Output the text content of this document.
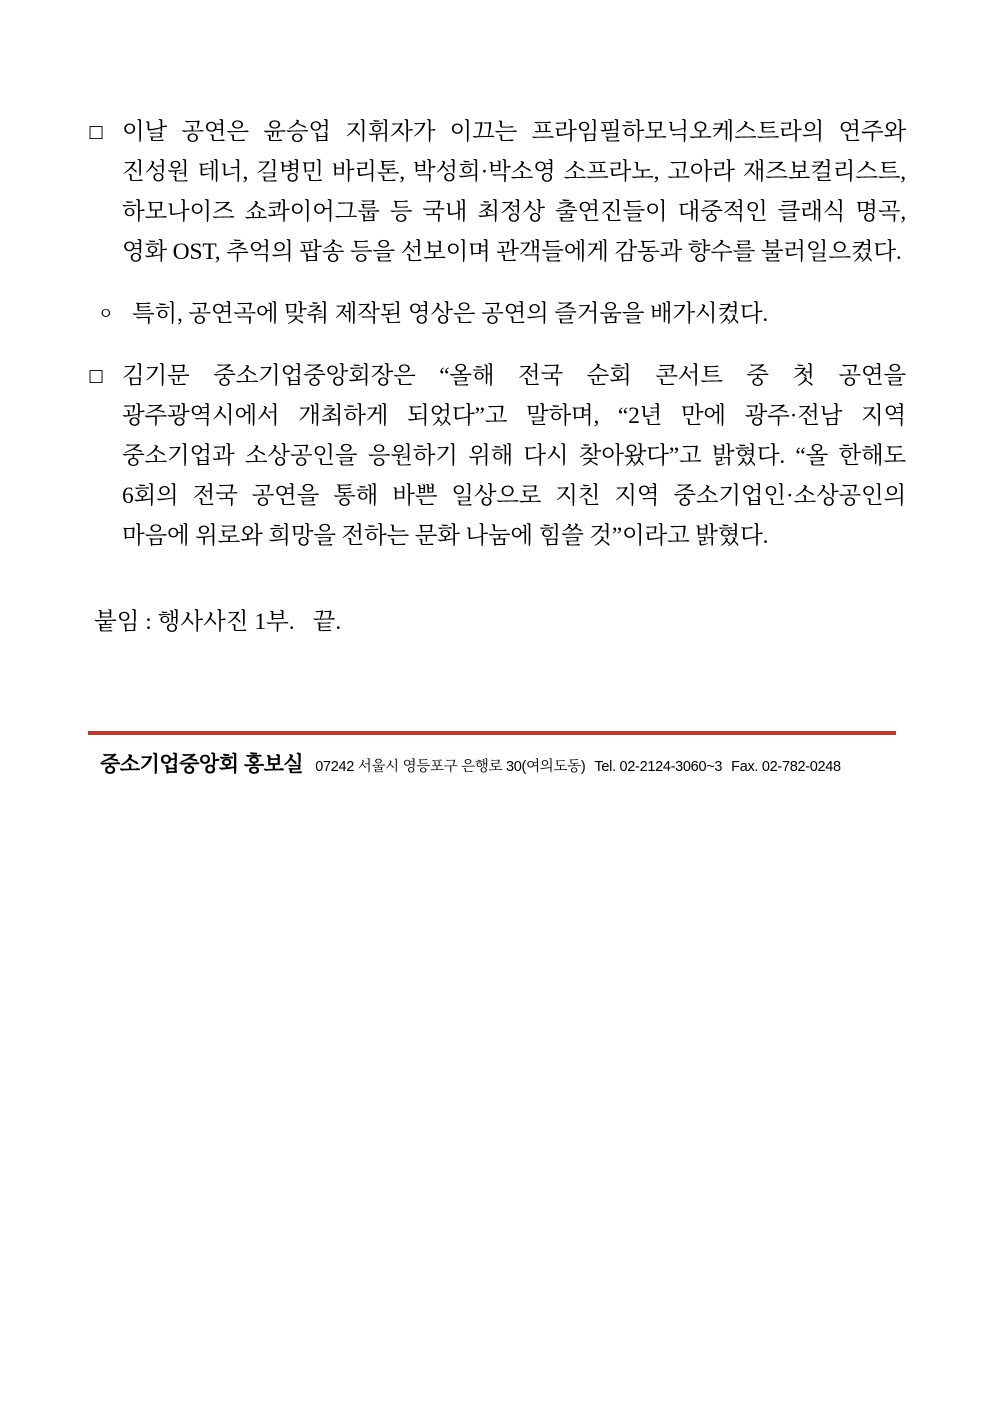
□ 이날 공연은 윤승업 지휘자가 이끄는 프라임필하모닉오케스트라의 연주와 진성원 테너, 길병민 바리톤, 박성희·박소영 소프라노, 고아라 재즈보컬리스트, 하모나이즈 쇼콰이어그룹 등 국내 최정상 출연진들이 대중적인 클래식 명곡, 영화 OST, 추억의 팝송 등을 선보이며 관객들에게 감동과 향수를 불러일으켰다.
ㅇ 특히, 공연곡에 맞춰 제작된 영상은 공연의 즐거움을 배가시켰다.
□ 김기문 중소기업중앙회장은 “올해 전국 순회 콘서트 중 첫 공연을 광주광역시에서 개최하게 되었다”고 말하며, “2년 만에 광주·전남 지역 중소기업과 소상공인을 응원하기 위해 다시 찾아왔다”고 밝혔다. “올 한해도 6회의 전국 공연을 통해 바쁜 일상으로 지친 지역 중소기업인·소상공인의 마음에 위로와 희망을 전하는 문화 나눔에 힘쓸 것”이라고 밝혔다.
붙임 : 행사사진 1부. 끝.
중소기업중앙회 홍보실 07242 서울시 영등포구 은행로 30(여의도동) Tel. 02-2124-3060~3 Fax. 02-782-0248
